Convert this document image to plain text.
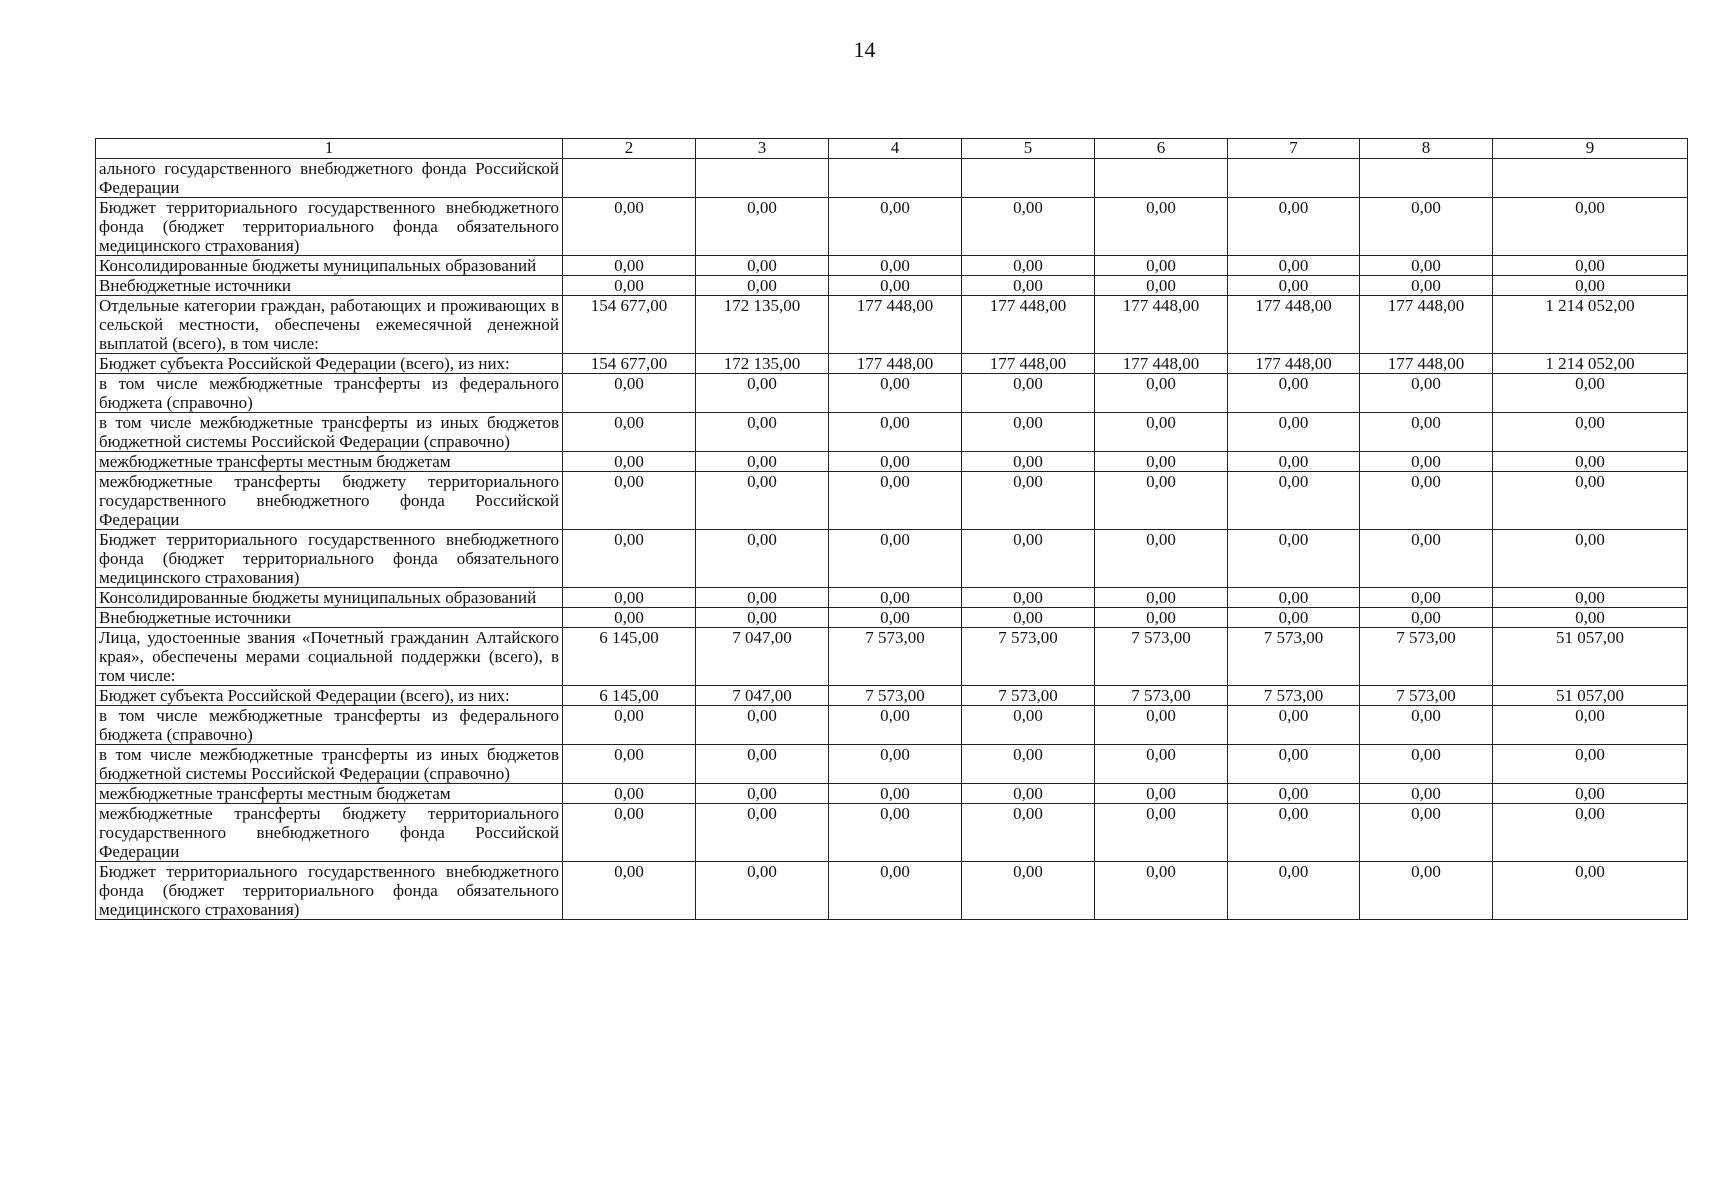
14
1	2	3	4	5	6	7	8	9
ального государственного внебюджетного фонда Российской Федерации								
Бюджет территориального государственного внебюджетного фонда (бюджет территориального фонда обязательного медицинского страхования)	0,00	0,00	0,00	0,00	0,00	0,00	0,00	0,00
Консолидированные бюджеты муниципальных образований	0,00	0,00	0,00	0,00	0,00	0,00	0,00	0,00
Внебюджетные источники	0,00	0,00	0,00	0,00	0,00	0,00	0,00	0,00
Отдельные категории граждан, работающих и проживающих в сельской местности, обеспечены ежемесячной денежной выплатой (всего), в том числе:	154 677,00	172 135,00	177 448,00	177 448,00	177 448,00	177 448,00	177 448,00	1 214 052,00
Бюджет субъекта Российской Федерации (всего), из них:	154 677,00	172 135,00	177 448,00	177 448,00	177 448,00	177 448,00	177 448,00	1 214 052,00
в том числе межбюджетные трансферты из федерального бюджета (справочно)	0,00	0,00	0,00	0,00	0,00	0,00	0,00	0,00
в том числе межбюджетные трансферты из иных бюджетов бюджетной системы Российской Федерации (справочно)	0,00	0,00	0,00	0,00	0,00	0,00	0,00	0,00
межбюджетные трансферты местным бюджетам	0,00	0,00	0,00	0,00	0,00	0,00	0,00	0,00
межбюджетные трансферты бюджету территориального государственного внебюджетного фонда Российской Федерации	0,00	0,00	0,00	0,00	0,00	0,00	0,00	0,00
Бюджет территориального государственного внебюджетного фонда (бюджет территориального фонда обязательного медицинского страхования)	0,00	0,00	0,00	0,00	0,00	0,00	0,00	0,00
Консолидированные бюджеты муниципальных образований	0,00	0,00	0,00	0,00	0,00	0,00	0,00	0,00
Внебюджетные источники	0,00	0,00	0,00	0,00	0,00	0,00	0,00	0,00
Лица, удостоенные звания «Почетный гражданин Алтайского края», обеспечены мерами социальной поддержки (всего), в том числе:	6 145,00	7 047,00	7 573,00	7 573,00	7 573,00	7 573,00	7 573,00	51 057,00
Бюджет субъекта Российской Федерации (всего), из них:	6 145,00	7 047,00	7 573,00	7 573,00	7 573,00	7 573,00	7 573,00	51 057,00
в том числе межбюджетные трансферты из федерального бюджета (справочно)	0,00	0,00	0,00	0,00	0,00	0,00	0,00	0,00
в том числе межбюджетные трансферты из иных бюджетов бюджетной системы Российской Федерации (справочно)	0,00	0,00	0,00	0,00	0,00	0,00	0,00	0,00
межбюджетные трансферты местным бюджетам	0,00	0,00	0,00	0,00	0,00	0,00	0,00	0,00
межбюджетные трансферты бюджету территориального государственного внебюджетного фонда Российской Федерации	0,00	0,00	0,00	0,00	0,00	0,00	0,00	0,00
Бюджет территориального государственного внебюджетного фонда (бюджет территориального фонда обязательного медицинского страхования)	0,00	0,00	0,00	0,00	0,00	0,00	0,00	0,00
